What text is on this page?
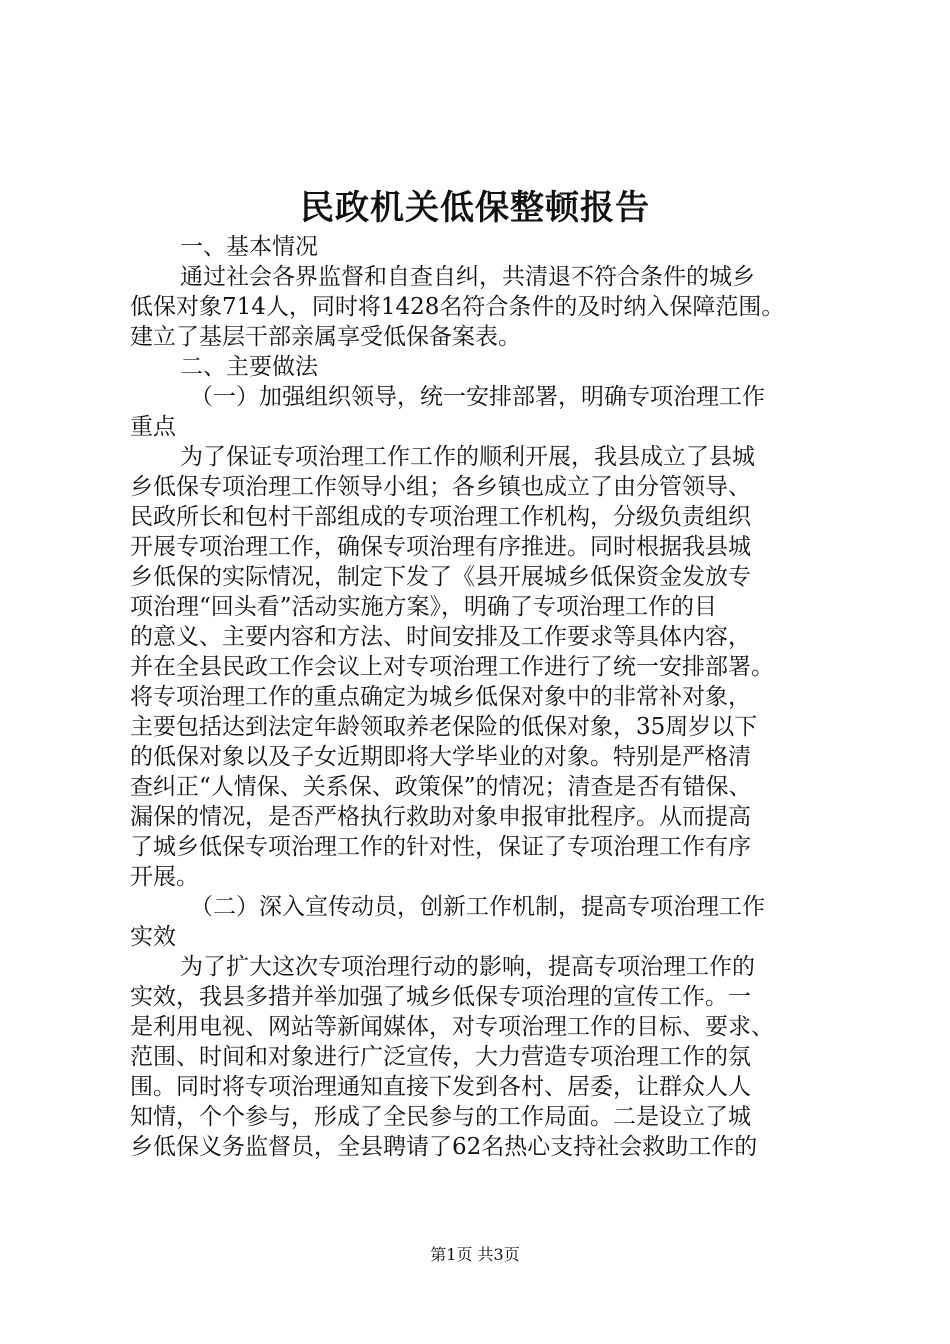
民政机关低保整顿报告
一、基本情况
通过社会各界监督和自查自纠，共清退不符合条件的城乡
低保对象714人，同时将1428名符合条件的及时纳入保障范围。
建立了基层干部亲属享受低保备案表。
二、主要做法
（一）加强组织领导，统一安排部署，明确专项治理工作
重点
为了保证专项治理工作工作的顺利开展，我县成立了县城
乡低保专项治理工作领导小组；各乡镇也成立了由分管领导、
民政所长和包村干部组成的专项治理工作机构，分级负责组织
开展专项治理工作，确保专项治理有序推进。同时根据我县城
乡低保的实际情况，制定下发了《县开展城乡低保资金发放专
项治理“回头看”活动实施方案》，明确了专项治理工作的目
的意义、主要内容和方法、时间安排及工作要求等具体内容，
并在全县民政工作会议上对专项治理工作进行了统一安排部署。
将专项治理工作的重点确定为城乡低保对象中的非常补对象，
主要包括达到法定年龄领取养老保险的低保对象，35周岁以下
的低保对象以及子女近期即将大学毕业的对象。特别是严格清
查纠正“人情保、关系保、政策保”的情况；清查是否有错保、
漏保的情况，是否严格执行救助对象申报审批程序。从而提高
了城乡低保专项治理工作的针对性，保证了专项治理工作有序
开展。
（二）深入宣传动员，创新工作机制，提高专项治理工作
实效
为了扩大这次专项治理行动的影响，提高专项治理工作的
实效，我县多措并举加强了城乡低保专项治理的宣传工作。一
是利用电视、网站等新闻媒体，对专项治理工作的目标、要求、
范围、时间和对象进行广泛宣传，大力营造专项治理工作的氛
围。同时将专项治理通知直接下发到各村、居委，让群众人人
知情，个个参与，形成了全民参与的工作局面。二是设立了城
乡低保义务监督员，全县聘请了62名热心支持社会救助工作的
第1页 共3页
